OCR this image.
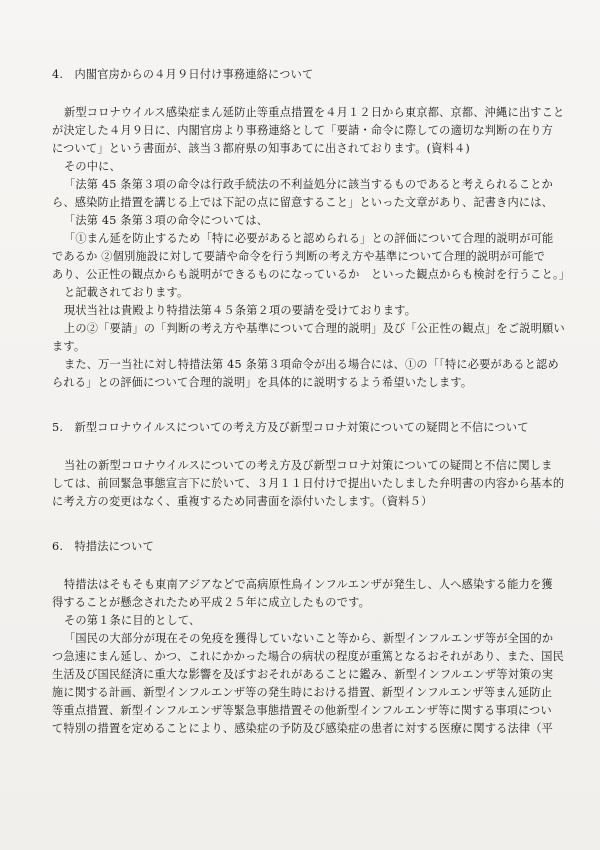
4.　内閣官房からの４月９日付け事務連絡について

新型コロナウイルス感染症まん延防止等重点措置を４月１２日から東京都、京都、沖縄に出すこと

が決定した４月９日に、内閣官房より事務連絡として「要請・命令に際しての適切な判断の在り方

について」という書面が、該当３都府県の知事あてに出されております。(資料４)

その中に、

「法第 45 条第３項の命令は行政手続法の不利益処分に該当するものであると考えられることか

ら、感染防止措置を講じる上では下記の点に留意すること」といった文章があり、記書き内には、

「法第 45 条第３項の命令については、

「①まん延を防止するため「特に必要があると認められる」との評価について合理的説明が可能

であるか ②個別施設に対して要請や命令を行う判断の考え方や基準について合理的説明が可能で

あり、公正性の観点からも説明ができるものになっているか　といった観点からも検討を行うこと。」

と記載されております。

現状当社は貴殿より特措法第４５条第２項の要請を受けております。

上の②「要請」の「判断の考え方や基準について合理的説明」及び「公正性の観点」をご説明願い

ます。

また、万一当社に対し特措法第 45 条第３項命令が出る場合には、①の「「特に必要があると認め

られる」との評価について合理的説明」を具体的に説明するよう希望いたします。

5.　新型コロナウイルスについての考え方及び新型コロナ対策についての疑問と不信について

当社の新型コロナウイルスについての考え方及び新型コロナ対策についての疑問と不信に関しま

しては、前回緊急事態宣言下に於いて、３月１１日付けで提出いたしました弁明書の内容から基本的

に考え方の変更はなく、重複するため同書面を添付いたします。（資料５）

6.　特措法について

特措法はそもそも東南アジアなどで高病原性鳥インフルエンザが発生し、人へ感染する能力を獲

得することが懸念されたため平成２５年に成立したものです。

その第１条に目的として、

「国民の大部分が現在その免疫を獲得していないこと等から、新型インフルエンザ等が全国的か

つ急速にまん延し、かつ、これにかかった場合の病状の程度が重篤となるおそれがあり、また、国民

生活及び国民経済に重大な影響を及ぼすおそれがあることに鑑み、新型インフルエンザ等対策の実

施に関する計画、新型インフルエンザ等の発生時における措置、新型インフルエンザ等まん延防止

等重点措置、新型インフルエンザ等緊急事態措置その他新型インフルエンザ等に関する事項につい

て特別の措置を定めることにより、感染症の予防及び感染症の患者に対する医療に関する法律（平
